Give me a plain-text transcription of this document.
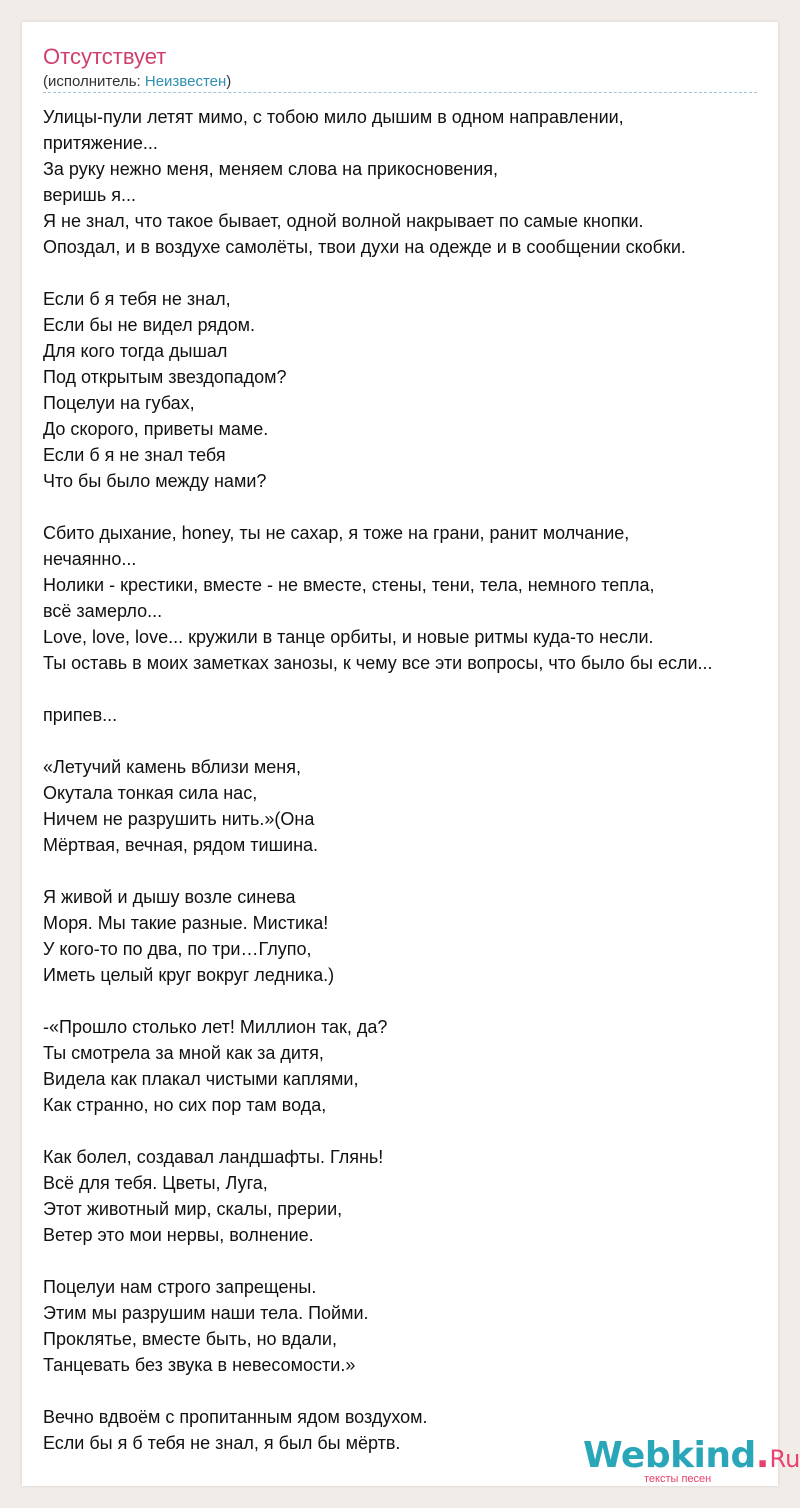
Отсутствует
(исполнитель: Неизвестен)
Улицы-пули летят мимо, с тобою мило дышим в одном направлении,
притяжение...
За руку нежно меня, меняем слова на прикосновения,
веришь я...
Я не знал, что такое бывает, одной волной накрывает по самые кнопки.
Опоздал, и в воздухе самолёты, твои духи на одежде и в сообщении скобки.
Если б я тебя не знал,
Если бы не видел рядом.
Для кого тогда дышал
Под открытым звездопадом?
Поцелуи на губах,
До скорого, приветы маме.
Если б я не знал тебя
Что бы было между нами?
Сбито дыхание, honey, ты не сахар, я тоже на грани, ранит молчание,
нечаянно...
Нолики - крестики, вместе - не вместе, стены, тени, тела, немного тепла,
всё замерло...
Love, love, love... кружили в танце орбиты, и новые ритмы куда-то несли.
Ты оставь в моих заметках занозы, к чему все эти вопросы, что было бы если...
припев...
«Летучий камень вблизи меня,
Окутала тонкая сила нас,
Ничем не разрушить нить.»(Она
Мёртвая, вечная, рядом тишина.
Я живой и дышу возле синева
Моря. Мы такие разные. Мистика!
У кого-то по два, по три…Глупо,
Иметь целый круг вокруг ледника.)
-«Прошло столько лет! Миллион так, да?
Ты смотрела за мной как за дитя,
Видела как плакал чистыми каплями,
Как странно, но сих пор там вода,
Как болел, создавал ландшафты. Глянь!
Всё для тебя. Цветы, Луга,
Этот животный мир, скалы, прерии,
Ветер это мои нервы, волнение.
Поцелуи нам строго запрещены.
Этим мы разрушим наши тела. Пойми.
Проклятье, вместе быть, но вдали,
Танцевать без звука в невесомости.»
Вечно вдвоём с пропитанным ядом воздухом.
Если бы я б тебя не знал, я был бы мёртв.	Webkind.Ru
тексты песен
